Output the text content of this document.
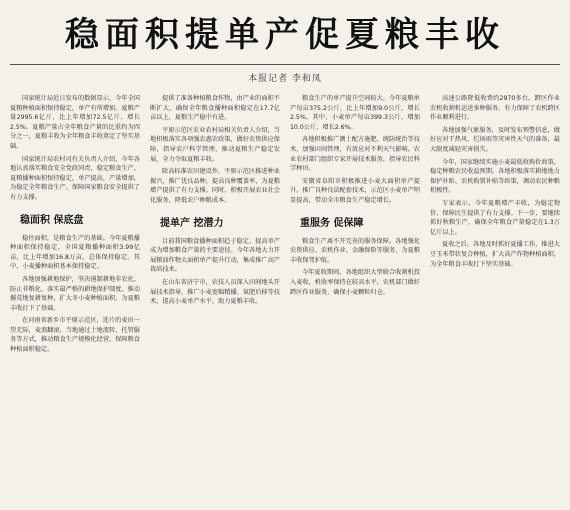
稳面积提单产促夏粮丰收
本报记者 李和凤
国家统计局近日发布的数据显示，今年全国夏粮种植面积保持稳定，单产有所增加。夏粮产量2995.6亿斤，比上年增加72.5亿斤，增长2.5%。夏粮产量占全年粮食产量的比重约为四分之一，夏粮丰收为全年粮食丰收奠定了坚实基础。
国家统计局农村司有关负责人介绍，今年各地认真落实粮食安全党政同责，稳定粮食生产，夏粮播种面积保持稳定，单产提高，产量增加，为稳定全年粮食生产、保障国家粮食安全提供了有力支撑。
稳面积 保底盘
稳住面积，是粮食生产的基础。今年夏粮播种面积保持稳定，全国夏粮播种面积3.99亿亩，比上年增加16.8万亩，总体保持稳定。其中，小麦播种面积基本保持稳定。
各地加强耕地保护，坚决遏制耕地非农化、防止非粮化，落实最严格的耕地保护制度，推动撂荒地复耕复种，扩大冬小麦种植面积，为夏粮丰收打下了基础。
在河南省新乡市平原示范区，连片的麦田一望无际，麦浪翻滚。当地通过土地流转、托管服务等方式，推动粮食生产规模化经营，保障粮食种植面积稳定。
提供了准备种植粮食作物，由产业的面积不断扩大，确保全年粮食播种面积稳定在17.7亿亩以上，夏粮生产稳中有进。
平原示范区农业农村局相关负责人介绍，当地积极落实各项强农惠农政策，做好农资供应保障，指导农户科学管理，推动夏粮生产稳定发展，全力夺取夏粮丰收。
除高标准农田建设外，平原示范区推进种业振兴，推广优良品种，提高良种覆盖率，为夏粮增产提供了有力支撑。同时，积极开展农业社会化服务，降低农户种粮成本。
提单产 挖潜力
目前我国粮食播种面积趋于稳定，提高单产成为增加粮食产量的主要途径。今年各地大力开展粮油作物大面积单产提升行动，集成推广高产栽培技术。
在山东省济宁市，农技人员深入田间地头开展技术指导，推广小麦宽幅精播、氮肥后移等技术，提高小麦单产水平，助力夏粮丰收。
粮食生产的单产提升空间较大。今年夏粮单产每亩375.2公斤，比上年增加9.0公斤，增长2.5%。其中，小麦单产每亩399.3公斤，增加10.0公斤，增长2.6%。
各地积极推广测土配方施肥、统防统治等技术，加强田间管理，有效应对不利天气影响。农业农村部门组织专家开展技术服务，指导农民科学种田。
安徽省阜阳市积极推进小麦大面积单产提升，推广良种良法配套技术，示范区小麦单产明显提高，带动全市粮食生产稳定增长。
重服务 促保障
粮食生产离不开完善的服务保障。各地强化农资供应、农机作业、金融保险等服务，为夏粮丰收保驾护航。
今年夏收期间，各地组织大型联合收割机投入麦收，机收率保持在较高水平。农机部门做好跨区作业服务，确保小麦颗粒归仓。
高速公路降低收费约2970多台。跨区作业农机收割机运送多种服务，有力保障了农机跨区作业顺利进行。
各地加强气象服务，及时发布预警信息，做好应对干热风、烂场雨等灾害性天气的准备，最大限度减轻灾害损失。
今年，国家继续实施小麦最低收购价政策，稳定种粮农民收益预期。各地积极落实耕地地力保护补贴、农机购置补贴等政策，调动农民种粮积极性。
专家表示，今年夏粮增产丰收，为稳定物价、保障民生提供了有力支撑。下一步，要继续抓好秋粮生产，确保全年粮食产量稳定在1.3万亿斤以上。
夏收之后，各地及时抓好夏播工作，推进大豆玉米带状复合种植，扩大高产作物种植面积，为全年粮食丰收打下坚实基础。
